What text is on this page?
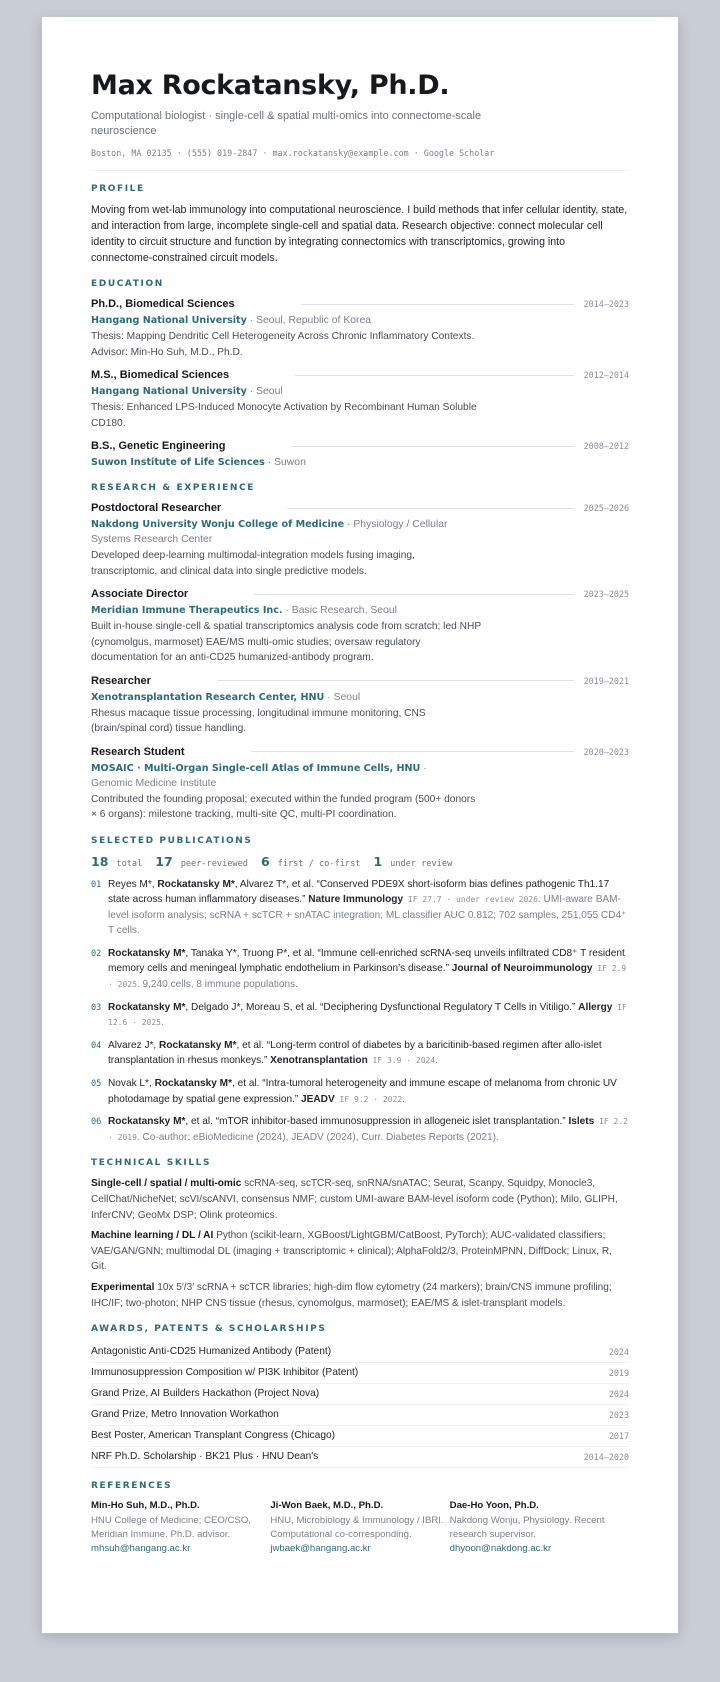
Max Rockatansky, Ph.D.
Computational biologist · single-cell & spatial multi-omics into connectome-scale neuroscience
Boston, MA 02135 · (555) 019-2847 · max.rockatansky@example.com · Google Scholar
PROFILE
Moving from wet-lab immunology into computational neuroscience. I build methods that infer cellular identity, state, and interaction from large, incomplete single-cell and spatial data. Research objective: connect molecular cell identity to circuit structure and function by integrating connectomics with transcriptomics, growing into connectome-constrained circuit models.
EDUCATION
Ph.D., Biomedical Sciences	2014–2023
Hangang National University · Seoul, Republic of Korea
Thesis: Mapping Dendritic Cell Heterogeneity Across Chronic Inflammatory Contexts. Advisor: Min-Ho Suh, M.D., Ph.D.
M.S., Biomedical Sciences	2012–2014
Hangang National University · Seoul
Thesis: Enhanced LPS-Induced Monocyte Activation by Recombinant Human Soluble CD180.
B.S., Genetic Engineering	2008–2012
Suwon Institute of Life Sciences · Suwon
RESEARCH & EXPERIENCE
Postdoctoral Researcher	2025–2026
Nakdong University Wonju College of Medicine · Physiology / Cellular Systems Research Center
Developed deep-learning multimodal-integration models fusing imaging, transcriptomic, and clinical data into single predictive models.
Associate Director	2023–2025
Meridian Immune Therapeutics Inc. · Basic Research, Seoul
Built in-house single-cell & spatial transcriptomics analysis code from scratch; led NHP (cynomolgus, marmoset) EAE/MS multi-omic studies; oversaw regulatory documentation for an anti-CD25 humanized-antibody program.
Researcher	2019–2021
Xenotransplantation Research Center, HNU · Seoul
Rhesus macaque tissue processing, longitudinal immune monitoring, CNS (brain/spinal cord) tissue handling.
Research Student	2020–2023
MOSAIC · Multi-Organ Single-cell Atlas of Immune Cells, HNU · Genomic Medicine Institute
Contributed the founding proposal; executed within the funded program (500+ donors × 6 organs): milestone tracking, multi-site QC, multi-PI coordination.
SELECTED PUBLICATIONS
18 total 17 peer-reviewed 6 first / co-first 1 under review
01 Reyes M*, Rockatansky M*, Alvarez T*, et al. “Conserved PDE9X short-isoform bias defines pathogenic Th1.17 state across human inflammatory diseases.” Nature Immunology IF 27.7 · under review 2026. UMI-aware BAM-level isoform analysis; scRNA + scTCR + snATAC integration; ML classifier AUC 0.812; 702 samples, 251,055 CD4⁺ T cells.
02 Rockatansky M*, Tanaka Y*, Truong P*, et al. “Immune cell-enriched scRNA-seq unveils infiltrated CD8⁺ T resident memory cells and meningeal lymphatic endothelium in Parkinson’s disease.” Journal of Neuroimmunology IF 2.9 · 2025. 9,240 cells, 8 immune populations.
03 Rockatansky M*, Delgado J*, Moreau S, et al. “Deciphering Dysfunctional Regulatory T Cells in Vitiligo.” Allergy IF 12.6 · 2025.
04 Alvarez J*, Rockatansky M*, et al. “Long-term control of diabetes by a baricitinib-based regimen after allo-islet transplantation in rhesus monkeys.” Xenotransplantation IF 3.9 · 2024.
05 Novak L*, Rockatansky M*, et al. “Intra-tumoral heterogeneity and immune escape of melanoma from chronic UV photodamage by spatial gene expression.” JEADV IF 9.2 · 2022.
06 Rockatansky M*, et al. “mTOR inhibitor-based immunosuppression in allogeneic islet transplantation.” Islets IF 2.2 · 2019. Co-author: eBioMedicine (2024), JEADV (2024), Curr. Diabetes Reports (2021).
TECHNICAL SKILLS
Single-cell / spatial / multi-omic scRNA-seq, scTCR-seq, snRNA/snATAC; Seurat, Scanpy, Squidpy, Monocle3, CellChat/NicheNet; scVI/scANVI, consensus NMF; custom UMI-aware BAM-level isoform code (Python); Milo, GLIPH, InferCNV; GeoMx DSP; Olink proteomics.
Machine learning / DL / AI Python (scikit-learn, XGBoost/LightGBM/CatBoost, PyTorch); AUC-validated classifiers; VAE/GAN/GNN; multimodal DL (imaging + transcriptomic + clinical); AlphaFold2/3, ProteinMPNN, DiffDock; Linux, R, Git.
Experimental 10x 5′/3′ scRNA + scTCR libraries; high-dim flow cytometry (24 markers); brain/CNS immune profiling; IHC/IF; two-photon; NHP CNS tissue (rhesus, cynomolgus, marmoset); EAE/MS & islet-transplant models.
AWARDS, PATENTS & SCHOLARSHIPS
Antagonistic Anti-CD25 Humanized Antibody (Patent)	2024
Immunosuppression Composition w/ PI3K Inhibitor (Patent)	2019
Grand Prize, AI Builders Hackathon (Project Nova)	2024
Grand Prize, Metro Innovation Workathon	2023
Best Poster, American Transplant Congress (Chicago)	2017
NRF Ph.D. Scholarship · BK21 Plus · HNU Dean's	2014–2020
REFERENCES
Min-Ho Suh, M.D., Ph.D.
HNU College of Medicine; CEO/CSO, Meridian Immune. Ph.D. advisor.
mhsuh@hangang.ac.kr
Ji-Won Baek, M.D., Ph.D.
HNU, Microbiology & Immunology / IBRI. Computational co-corresponding.
jwbaek@hangang.ac.kr
Dae-Ho Yoon, Ph.D.
Nakdong Wonju, Physiology. Recent research supervisor.
dhyoon@nakdong.ac.kr
